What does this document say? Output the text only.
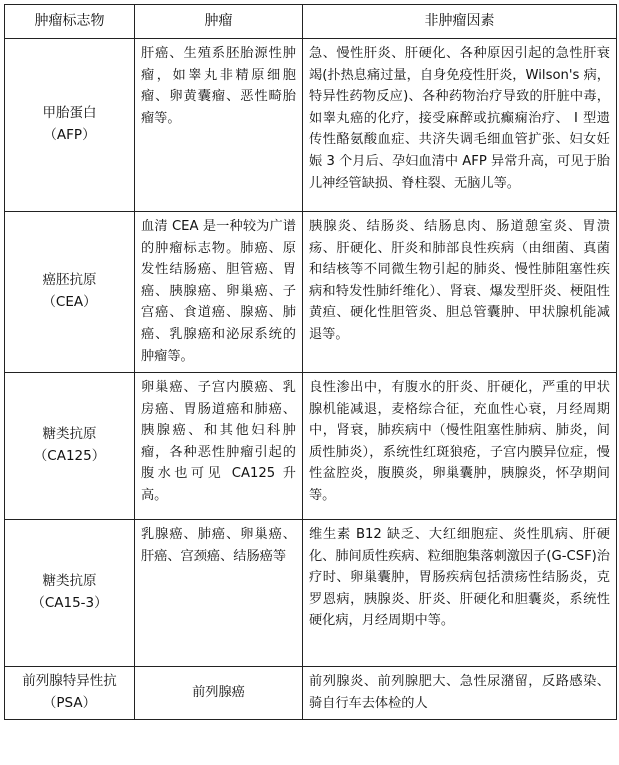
肿瘤标志物	肿瘤	非肿瘤因素

甲胎蛋白
（AFP）	肝癌、生殖系胚胎源性肿瘤，如睾丸非精原细胞瘤、卵黄囊瘤、恶性畸胎瘤等。	急、慢性肝炎、肝硬化、各种原因引起的急性肝衰竭(扑热息痛过量，自身免疫性肝炎，Wilson's 病，特异性药物反应)、各种药物治疗导致的肝脏中毒，如睾丸癌的化疗，接受麻醉或抗癫痫治疗、 Ⅰ 型遗传性酪氨酸血症、共济失调毛细血管扩张、妇女妊娠 3 个月后、孕妇血清中 AFP 异常升高，可见于胎儿神经管缺损、脊柱裂、无脑儿等。

癌胚抗原
（CEA）	血清 CEA 是一种较为广谱的肿瘤标志物。肺癌、原发性结肠癌、胆管癌、胃癌、胰腺癌、卵巢癌、子宫癌、食道癌、腺癌、肺癌、乳腺癌和泌尿系统的肿瘤等。	胰腺炎、结肠炎、结肠息肉、肠道憩室炎、胃溃疡、肝硬化、肝炎和肺部良性疾病（由细菌、真菌和结核等不同微生物引起的肺炎、慢性肺阻塞性疾病和特发性肺纤维化）、肾衰、爆发型肝炎、梗阻性黄疸、硬化性胆管炎、胆总管囊肿、甲状腺机能减退等。

糖类抗原
（CA125）	卵巢癌、子宫内膜癌、乳房癌、胃肠道癌和肺癌、胰腺癌、和其他妇科肿瘤，各种恶性肿瘤引起的腹水也可见 CA125 升高。	良性渗出中，有腹水的肝炎、肝硬化，严重的甲状腺机能减退，麦格综合征，充血性心衰，月经周期中，肾衰，肺疾病中（慢性阻塞性肺病、肺炎，间质性肺炎），系统性红斑狼疮，子宫内膜异位症，慢性盆腔炎，腹膜炎，卵巢囊肿，胰腺炎，怀孕期间等。

糖类抗原
（CA15-3）	乳腺癌、肺癌、卵巢癌、肝癌、宫颈癌、结肠癌等	维生素 B12 缺乏、大红细胞症、炎性肌病、肝硬化、肺间质性疾病、粒细胞集落刺激因子(G-CSF)治疗时、卵巢囊肿，胃肠疾病包括溃疡性结肠炎，克罗恩病，胰腺炎、肝炎、肝硬化和胆囊炎，系统性硬化病，月经周期中等。

前列腺特异性抗
（PSA）	前列腺癌	前列腺炎、前列腺肥大、急性尿潴留，反路感染、骑自行车去体检的人
